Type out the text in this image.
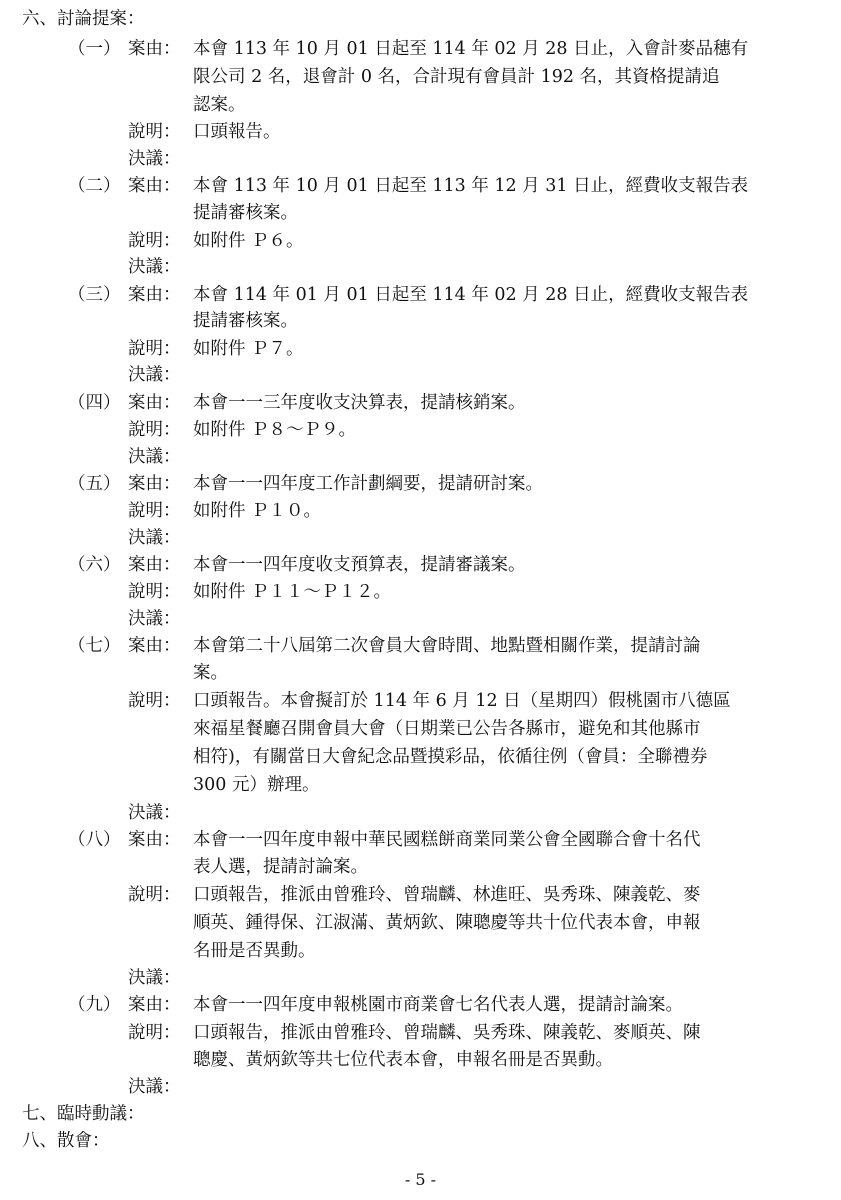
六、討論提案：
（一） 案由： 本會 113 年 10 月 01 日起至 114 年 02 月 28 日止，入會計麥品穗有
限公司 2 名，退會計 0 名，合計現有會員計 192 名，其資格提請追
認案。
說明： 口頭報告。
決議：
（二） 案由： 本會 113 年 10 月 01 日起至 113 年 12 月 31 日止，經費收支報告表
提請審核案。
說明： 如附件 Ｐ６。
決議：
（三） 案由： 本會 114 年 01 月 01 日起至 114 年 02 月 28 日止，經費收支報告表
提請審核案。
說明： 如附件 Ｐ７。
決議：
（四） 案由： 本會一一三年度收支決算表，提請核銷案。
說明： 如附件 Ｐ８～Ｐ９。
決議：
（五） 案由： 本會一一四年度工作計劃綱要，提請研討案。
說明： 如附件 Ｐ１０。
決議：
（六） 案由： 本會一一四年度收支預算表，提請審議案。
說明： 如附件 Ｐ１１～Ｐ１２。
決議：
（七） 案由： 本會第二十八屆第二次會員大會時間、地點暨相關作業，提請討論
案。
說明： 口頭報告。本會擬訂於 114 年 6 月 12 日（星期四）假桃園市八德區
來福星餐廳召開會員大會（日期業已公告各縣市，避免和其他縣市
相符)，有關當日大會紀念品暨摸彩品，依循往例（會員：全聯禮券
300 元）辦理。
決議：
（八） 案由： 本會一一四年度申報中華民國糕餅商業同業公會全國聯合會十名代
表人選，提請討論案。
說明： 口頭報告，推派由曾雅玲、曾瑞麟、林進旺、吳秀珠、陳義乾、麥
順英、鍾得保、江淑滿、黃炳欽、陳聰慶等共十位代表本會，申報
名冊是否異動。
決議：
（九） 案由： 本會一一四年度申報桃園市商業會七名代表人選，提請討論案。
說明： 口頭報告，推派由曾雅玲、曾瑞麟、吳秀珠、陳義乾、麥順英、陳
聰慶、黃炳欽等共七位代表本會，申報名冊是否異動。
決議：
七、臨時動議：
八、散會：
- 5 -
